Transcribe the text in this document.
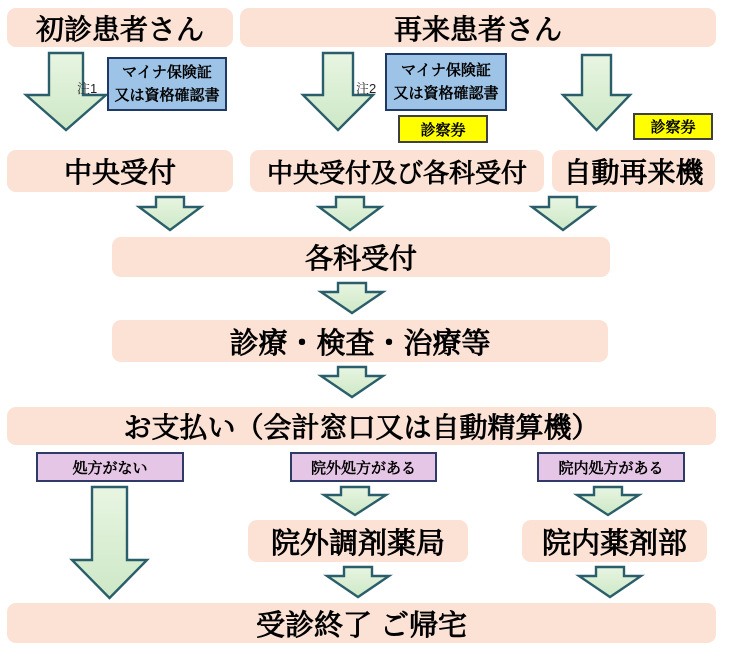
初診患者さん	再来患者さん
注1	注2
マイナ保険証
又は資格確認書
マイナ保険証
又は資格確認書
診察券	診察券
中央受付	中央受付及び各科受付	自動再来機
各科受付
診療・検査・治療等
お支払い（会計窓口又は自動精算機）
処方がない	院外処方がある	院内処方がある
院外調剤薬局	院内薬剤部
受診終了 ご帰宅
